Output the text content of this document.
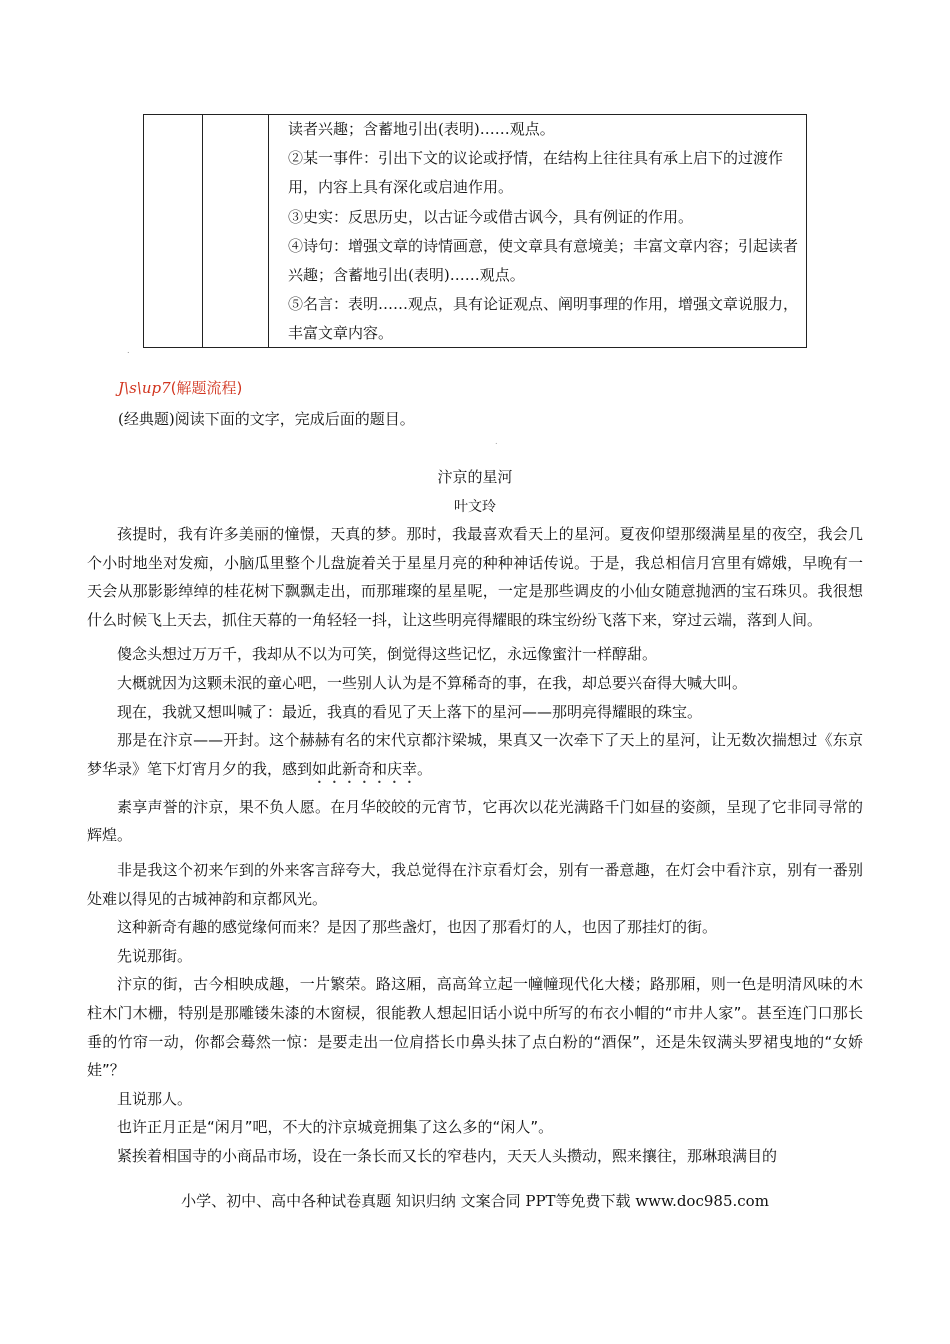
读者兴趣；含蓄地引出(表明)……观点。

②某一事件：引出下文的议论或抒情，在结构上往往具有承上启下的过渡作用，内容上具有深化或启迪作用。

③史实：反思历史，以古证今或借古讽今，具有例证的作用。

④诗句：增强文章的诗情画意，使文章具有意境美；丰富文章内容；引起读者兴趣；含蓄地引出(表明)……观点。

⑤名言：表明……观点，具有论证观点、阐明事理的作用，增强文章说服力，丰富文章内容。

.
J\s\up7(解题流程)
(经典题)阅读下面的文字，完成后面的题目。
.
汴京的星河
叶文玲

孩提时，我有许多美丽的憧憬，天真的梦。那时，我最喜欢看天上的星河。夏夜仰望那缀满星星的夜空，我会几个小时地坐对发痴，小脑瓜里整个儿盘旋着关于星星月亮的种种神话传说。于是，我总相信月宫里有嫦娥，早晚有一天会从那影影绰绰的桂花树下飘飘走出，而那璀璨的星星呢，一定是那些调皮的小仙女随意抛洒的宝石珠贝。我很想什么时候飞上天去，抓住天幕的一角轻轻一抖，让这些明亮得耀眼的珠宝纷纷飞落下来，穿过云端，落到人间。

傻念头想过万万千，我却从不以为可笑，倒觉得这些记忆，永远像蜜汁一样醇甜。

大概就因为这颗未泯的童心吧，一些别人认为是不算稀奇的事，在我，却总要兴奋得大喊大叫。

现在，我就又想叫喊了：最近，我真的看见了天上落下的星河——那明亮得耀眼的珠宝。

那是在汴京——开封。这个赫赫有名的宋代京都汴梁城，果真又一次牵下了天上的星河，让无数次揣想过《东京梦华录》笔下灯宵月夕的我，感到如此新奇和庆幸。

素享声誉的汴京，果不负人愿。在月华皎皎的元宵节，它再次以花光满路千门如昼的姿颜，呈现了它非同寻常的辉煌。

非是我这个初来乍到的外来客言辞夸大，我总觉得在汴京看灯会，别有一番意趣，在灯会中看汴京，别有一番别处难以得见的古城神韵和京都风光。

这种新奇有趣的感觉缘何而来？是因了那些盏灯，也因了那看灯的人，也因了那挂灯的街。

先说那街。

汴京的街，古今相映成趣，一片繁荣。路这厢，高高耸立起一幢幢现代化大楼；路那厢，则一色是明清风味的木柱木门木栅，特别是那雕镂朱漆的木窗棂，很能教人想起旧话小说中所写的布衣小帽的“市井人家”。甚至连门口那长垂的竹帘一动，你都会蓦然一惊：是要走出一位肩搭长巾鼻头抹了点白粉的“酒保”，还是朱钗满头罗裙曳地的“女娇娃”？

且说那人。

也许正月正是“闲月”吧，不大的汴京城竟拥集了这么多的“闲人”。

紧挨着相国寺的小商品市场，设在一条长而又长的窄巷内，天天人头攒动，熙来攘往，那琳琅满目的

小学、初中、高中各种试卷真题 知识归纳 文案合同 PPT等免费下载 www.doc985.com
